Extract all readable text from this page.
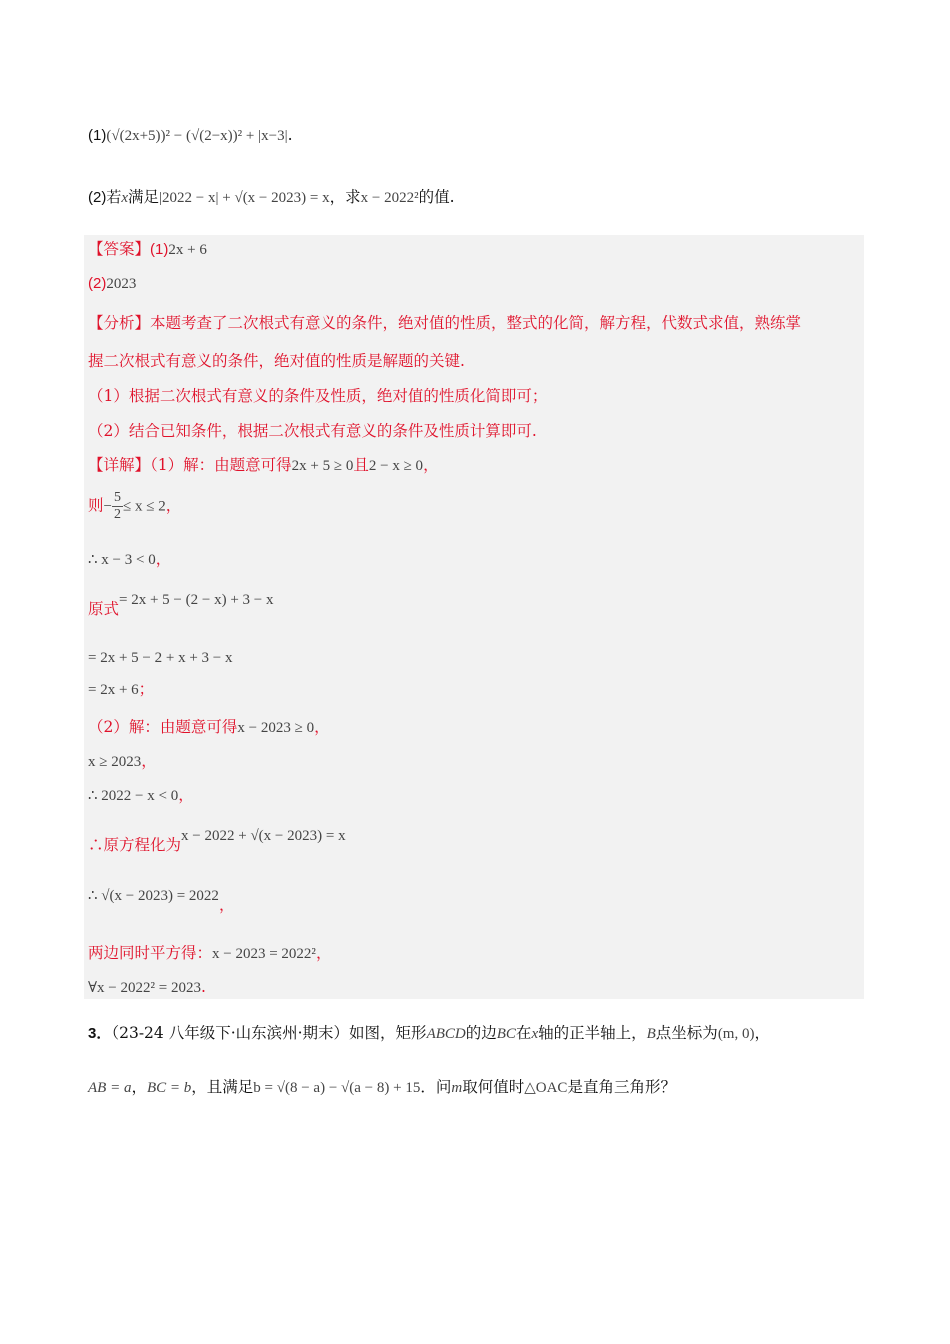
(1)(√(2x+5))² − (√(2−x))² + |x−3|.
(2)若x满足|2022 − x| + √(x − 2023) = x，求x − 2022²的值.
【答案】(1)2x + 6
(2)2023
【分析】本题考查了二次根式有意义的条件，绝对值的性质，整式的化简，解方程，代数式求值，熟练掌
握二次根式有意义的条件，绝对值的性质是解题的关键.
（1）根据二次根式有意义的条件及性质，绝对值的性质化简即可；
（2）结合已知条件，根据二次根式有意义的条件及性质计算即可.
【详解】（1）解：由题意可得2x + 5 ≥ 0且2 − x ≥ 0，
则− $\frac{5}{2} \le x \le 2$，
∴ x − 3 < 0，
原式= 2x + 5 − (2 − x) + 3 − x
= 2x + 5 − 2 + x + 3 − x
= 2x + 6；
（2）解：由题意可得x − 2023 ≥ 0，
x ≥ 2023，
∴ 2022 − x < 0，
∴原方程化为x − 2022 + √(x − 2023) = x
∴ √(x − 2023) = 2022，
两边同时平方得：x − 2023 = 2022²，
∀x − 2022² = 2023.
3．（23-24 八年级下·山东滨州·期末）如图，矩形ABCD的边BC在x轴的正半轴上，B点坐标为(m, 0)，
AB = a，BC = b，且满足b = √(8 − a) − √(a − 8) + 15．问m取何值时△OAC是直角三角形？
